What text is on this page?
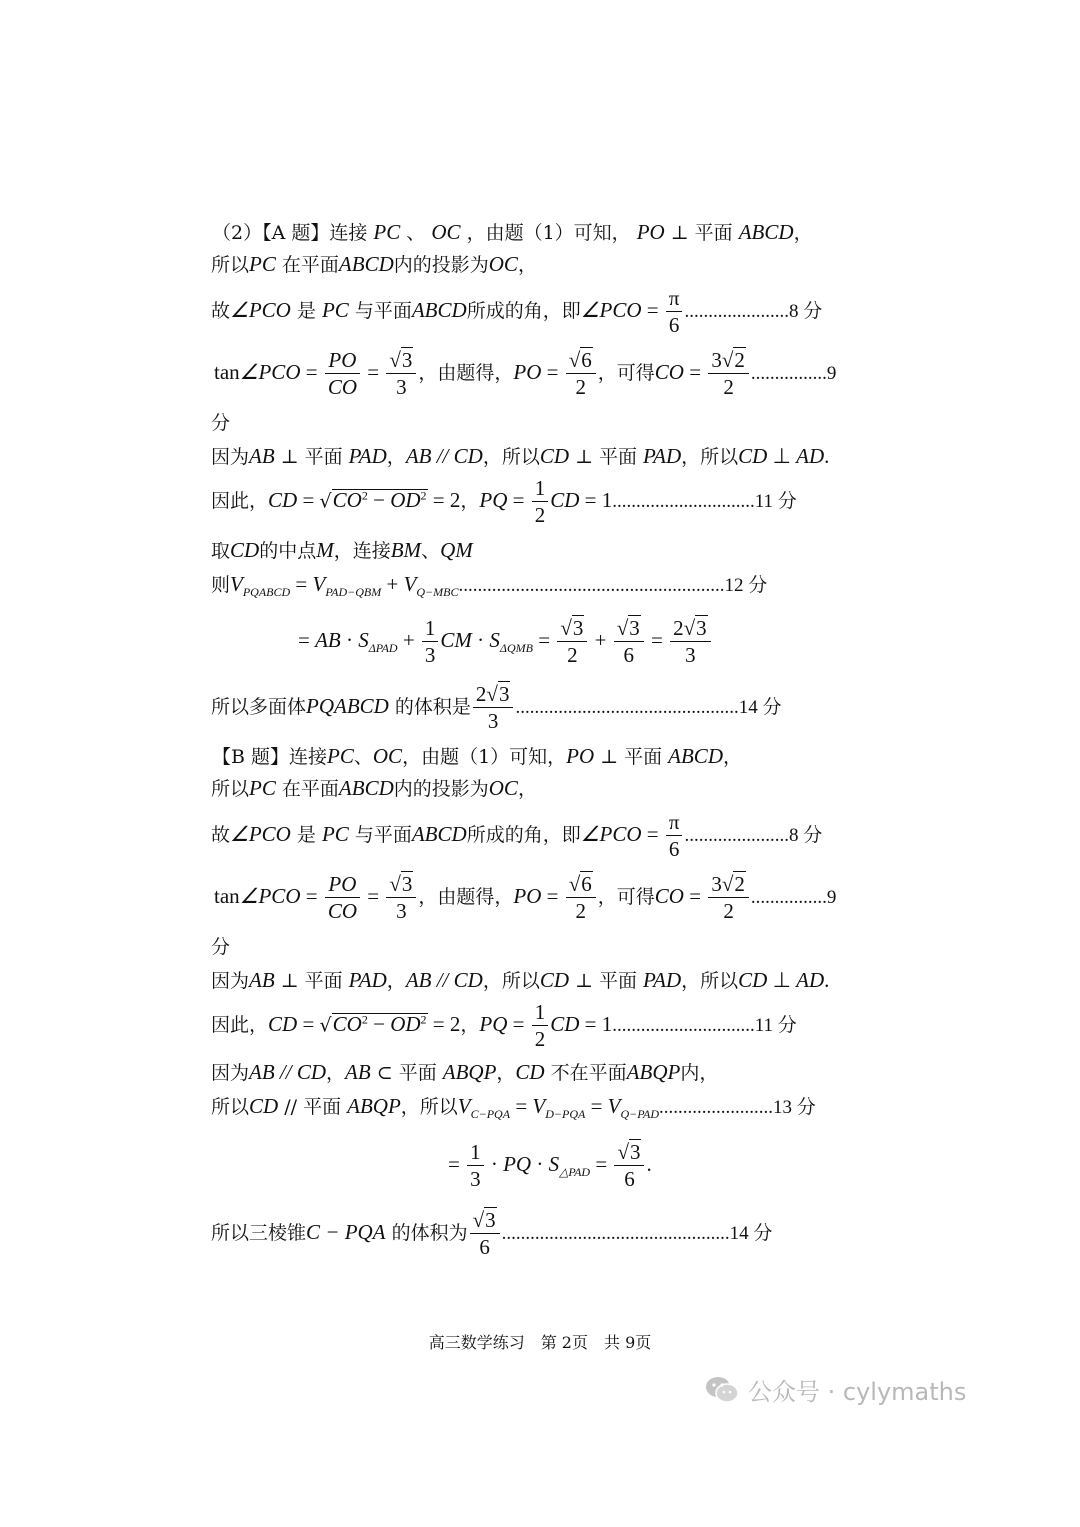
（2）【A 题】连接 PC 、 OC ，由题（1）可知， PO ⊥ 平面 ABCD，
所以PC 在平面ABCD内的投影为OC，
故∠PCO 是 PC 与平面ABCD所成的角，即∠PCO = $\frac{\pi}{6} ......................8$ 分
tan∠PCO = $\frac{PO}{CO} = \frac{√3}{3}$ ，由题得，PO = $\frac{√6}{2}$ ，可得CO = $\frac{3√2}{2} ................9$
分
因为AB ⊥ 平面 PAD，AB // CD，所以CD ⊥ 平面 PAD，所以CD ⊥ AD.
因此，CD = $√CO^2 - OD^2 = 2$，PQ = $\frac{1}{2}$ CD = 1..............................11 分
取CD的中点M，连接BM、QM
则$V_{PQABCD} = V_{PAD-QBM} + V_{Q-MBC}........................................................12$ 分
= AB · $S_{\Delta PAD} + \frac{1}{3}$ CM · $S_{\Delta QMB} = \frac{√3}{2} + \frac{√3}{6} = \frac{2√3}{3}$
所以多面体PQABCD 的体积是 $\frac{2√3}{3} ...............................................14$ 分
【B 题】连接PC、OC，由题（1）可知，PO ⊥ 平面 ABCD，
所以PC 在平面ABCD内的投影为OC，
故∠PCO 是 PC 与平面ABCD所成的角，即∠PCO = $\frac{\pi}{6} ......................8$ 分
tan∠PCO = $\frac{PO}{CO} = \frac{√3}{3}$ ，由题得，PO = $\frac{√6}{2}$ ，可得CO = $\frac{3√2}{2} ................9$
分
因为AB ⊥ 平面 PAD，AB // CD，所以CD ⊥ 平面 PAD，所以CD ⊥ AD.
因此，CD = $√CO^2 - OD^2 = 2$，PQ = $\frac{1}{2}$ CD = 1..............................11 分
因为AB // CD，AB ⊂ 平面 ABQP，CD 不在平面ABQP内，
所以CD // 平面 ABQP，所以$V_{C-PQA} = V_{D-PQA} = V_{Q-PAD}........................13$ 分
= $\frac{1}{3}$ · PQ · $S_{\triangle PAD} = \frac{√3}{6}$ .
所以三棱锥C − PQA 的体积为 $\frac{√3}{6} ................................................14$ 分
高三数学练习　第 2页　共 9页
公众号 · cylymaths
